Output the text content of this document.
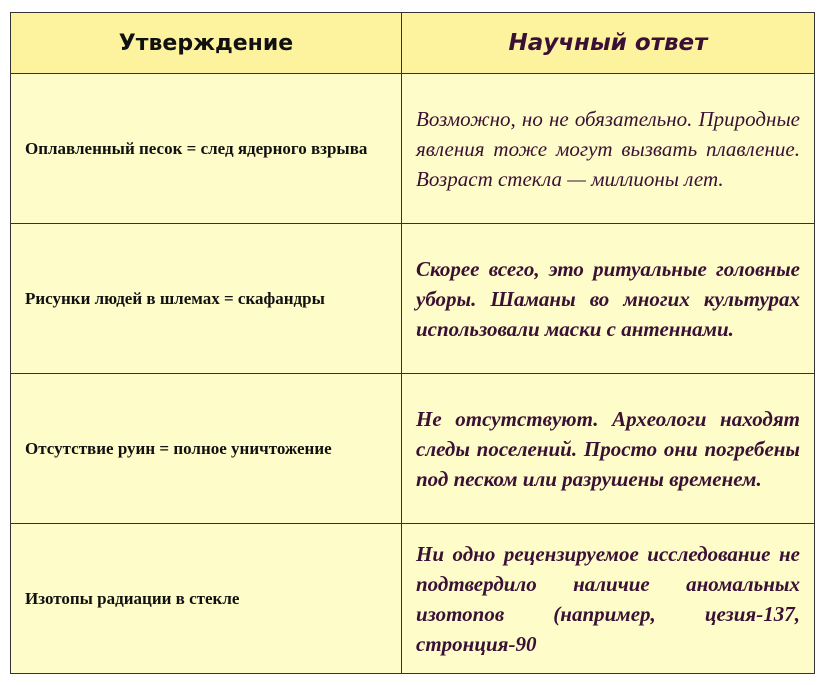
Утверждение	Научный ответ
Оплавленный песок = след ядерного взрыва	Возможно, но не обязательно. Природные явления тоже могут вызвать плавление. Возраст стекла — миллионы лет.
Рисунки людей в шлемах = скафандры	Скорее всего, это ритуальные головные уборы. Шаманы во многих культурах использовали маски с антеннами.
Отсутствие руин = полное уничтожение	Не отсутствуют. Археологи находят следы поселений. Просто они погребены под песком или разрушены временем.
Изотопы радиации в стекле	Ни одно рецензируемое исследование не подтвердило наличие аномальных изотопов (например, цезия-137, стронция-90
